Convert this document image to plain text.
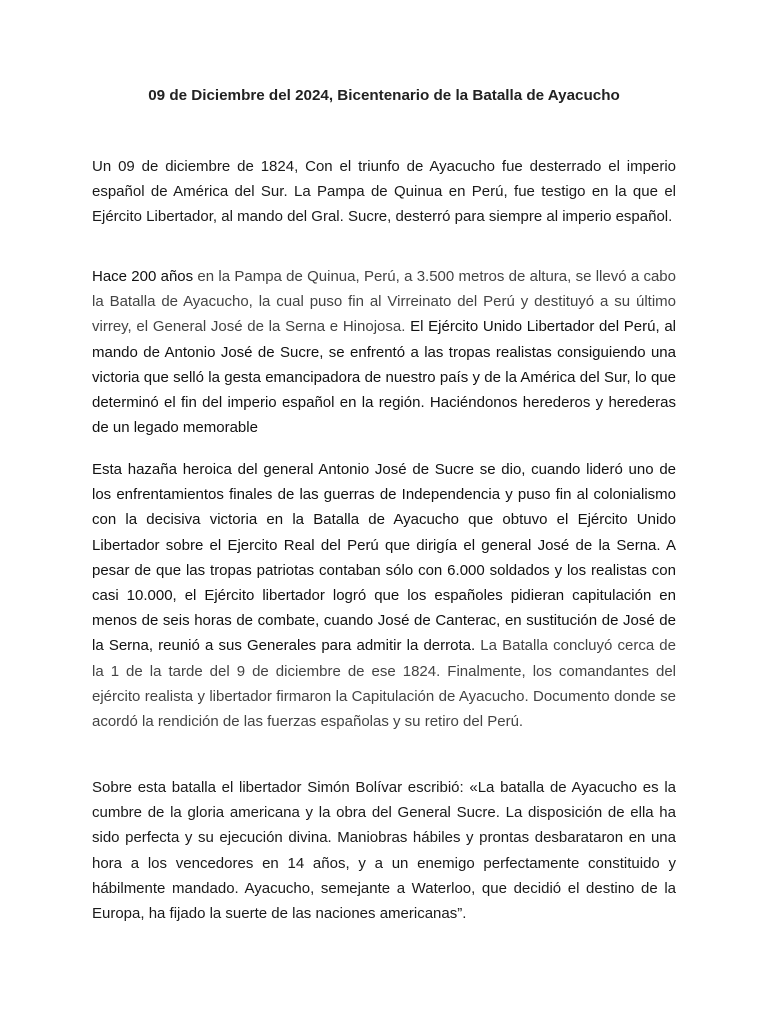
09 de Diciembre del 2024, Bicentenario de la Batalla de Ayacucho

Un 09 de diciembre de 1824, Con el triunfo de Ayacucho fue desterrado el imperio español de América del Sur. La Pampa de Quinua en Perú, fue testigo en la que el Ejército Libertador, al mando del Gral. Sucre, desterró para siempre al imperio español.

Hace 200 años en la Pampa de Quinua, Perú, a 3.500 metros de altura, se llevó a cabo la Batalla de Ayacucho, la cual puso fin al Virreinato del Perú y destituyó a su último virrey, el General José de la Serna e Hinojosa. El Ejército Unido Libertador del Perú, al mando de Antonio José de Sucre, se enfrentó a las tropas realistas consiguiendo una victoria que selló la gesta emancipadora de nuestro país y de la América del Sur, lo que determinó el fin del imperio español en la región. Haciéndonos herederos y herederas de un legado memorable

Esta hazaña heroica del general Antonio José de Sucre se dio, cuando lideró uno de los enfrentamientos finales de las guerras de Independencia y puso fin al colonialismo con la decisiva victoria en la Batalla de Ayacucho que obtuvo el Ejército Unido Libertador sobre el Ejercito Real del Perú que dirigía el general José de la Serna. A pesar de que las tropas patriotas contaban sólo con 6.000 soldados y los realistas con casi 10.000, el Ejército libertador logró que los españoles pidieran capitulación en menos de seis horas de combate, cuando José de Canterac, en sustitución de José de la Serna, reunió a sus Generales para admitir la derrota. La Batalla concluyó cerca de la 1 de la tarde del 9 de diciembre de ese 1824. Finalmente, los comandantes del ejército realista y libertador firmaron la Capitulación de Ayacucho. Documento donde se acordó la rendición de las fuerzas españolas y su retiro del Perú.

Sobre esta batalla el libertador Simón Bolívar escribió: «La batalla de Ayacucho es la cumbre de la gloria americana y la obra del General Sucre. La disposición de ella ha sido perfecta y su ejecución divina. Maniobras hábiles y prontas desbarataron en una hora a los vencedores en 14 años, y a un enemigo perfectamente constituido y hábilmente mandado. Ayacucho, semejante a Waterloo, que decidió el destino de la Europa, ha fijado la suerte de las naciones americanas”.
